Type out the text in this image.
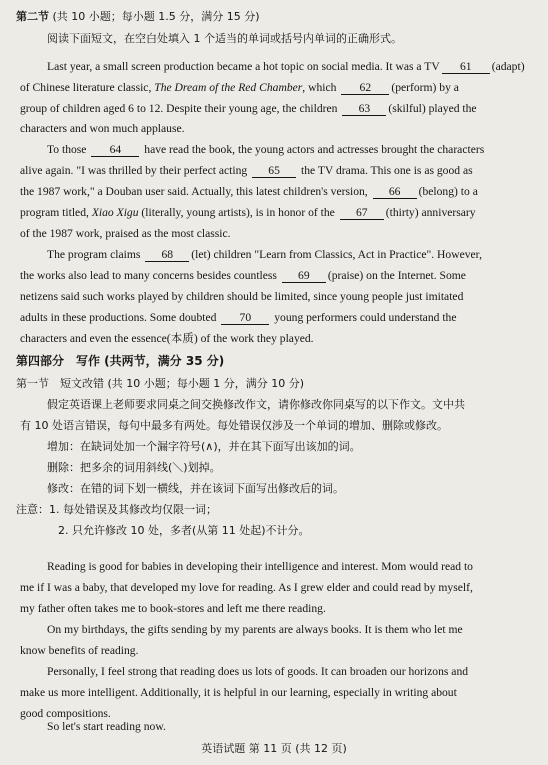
第二节 (共 10 小题；每小题 1.5 分，满分 15 分)
阅读下面短文，在空白处填入 1 个适当的单词或括号内单词的正确形式。
Last year, a small screen production became a hot topic on social media. It was a TV 61 (adapt)
of Chinese literature classic, The Dream of the Red Chamber, which 62 (perform) by a
group of children aged 6 to 12. Despite their young age, the children 63 (skilful) played the
characters and won much applause.
To those 64 have read the book, the young actors and actresses brought the characters
alive again. "I was thrilled by their perfect acting 65 the TV drama. This one is as good as
the 1987 work," a Douban user said. Actually, this latest children's version, 66 (belong) to a
program titled, Xiao Xigu (literally, young artists), is in honor of the 67 (thirty) anniversary
of the 1987 work, praised as the most classic.
The program claims 68 (let) children "Learn from Classics, Act in Practice". However,
the works also lead to many concerns besides countless 69 (praise) on the Internet. Some
netizens said such works played by children should be limited, since young people just imitated
adults in these productions. Some doubted 70 young performers could understand the
characters and even the essence(本质) of the work they played.
第四部分　写作 (共两节，满分 35 分)
第一节　短文改错 (共 10 小题；每小题 1 分，满分 10 分)
假定英语课上老师要求同桌之间交换修改作文，请你修改你同桌写的以下作文。文中共
有 10 处语言错误，每句中最多有两处。每处错误仅涉及一个单词的增加、删除或修改。
增加：在缺词处加一个漏字符号(∧)，并在其下面写出该加的词。
删除：把多余的词用斜线(＼)划掉。
修改：在错的词下划一横线，并在该词下面写出修改后的词。
注意：1. 每处错误及其修改均仅限一词；
2. 只允许修改 10 处，多者(从第 11 处起)不计分。
Reading is good for babies in developing their intelligence and interest. Mom would read to
me if I was a baby, that developed my love for reading. As I grew elder and could read by myself,
my father often takes me to book-stores and left me there reading.
On my birthdays, the gifts sending by my parents are always books. It is them who let me
know benefits of reading.
Personally, I feel strong that reading does us lots of goods. It can broaden our horizons and
make us more intelligent. Additionally, it is helpful in our learning, especially in writing about
good compositions.
So let's start reading now.
英语试题 第 11 页 (共 12 页)
